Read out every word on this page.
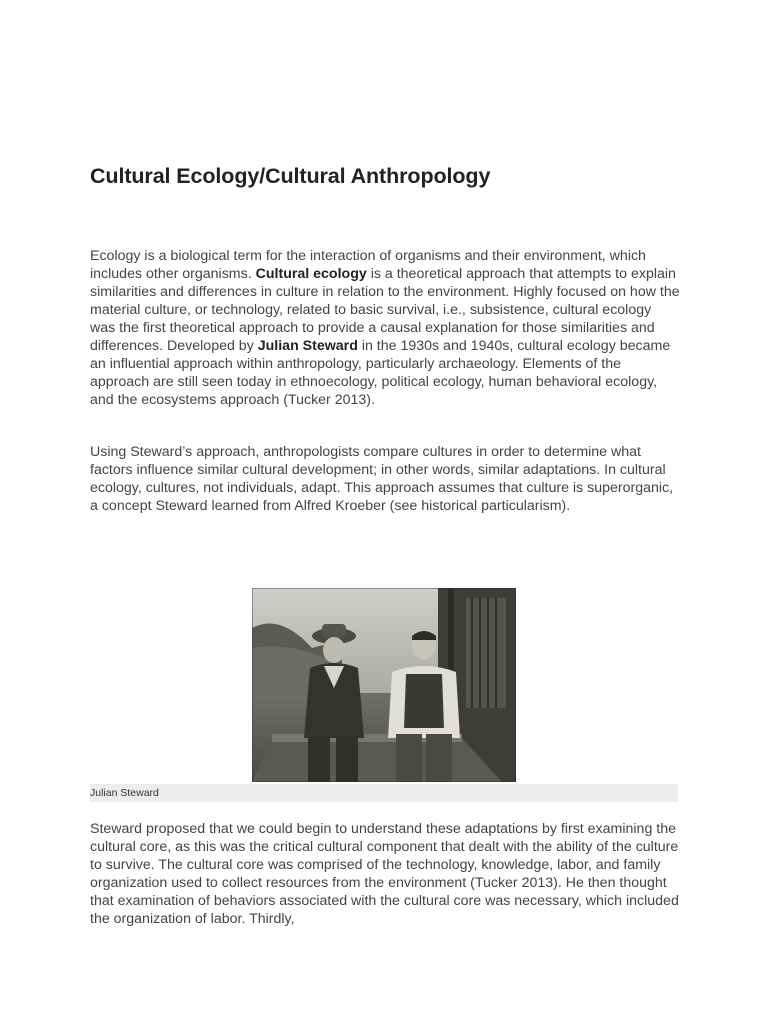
Cultural Ecology/Cultural Anthropology

Ecology is a biological term for the interaction of organisms and their environment, which includes other organisms. Cultural ecology is a theoretical approach that attempts to explain similarities and differences in culture in relation to the environment. Highly focused on how the material culture, or technology, related to basic survival, i.e., subsistence, cultural ecology was the first theoretical approach to provide a causal explanation for those similarities and differences. Developed by Julian Steward in the 1930s and 1940s, cultural ecology became an influential approach within anthropology, particularly archaeology. Elements of the approach are still seen today in ethnoecology, political ecology, human behavioral ecology, and the ecosystems approach (Tucker 2013).

Using Steward’s approach, anthropologists compare cultures in order to determine what factors influence similar cultural development; in other words, similar adaptations. In cultural ecology, cultures, not individuals, adapt. This approach assumes that culture is superorganic, a concept Steward learned from Alfred Kroeber (see historical particularism).

Julian Steward

Steward proposed that we could begin to understand these adaptations by first examining the cultural core, as this was the critical cultural component that dealt with the ability of the culture to survive. The cultural core was comprised of the technology, knowledge, labor, and family organization used to collect resources from the environment (Tucker 2013). He then thought that examination of behaviors associated with the cultural core was necessary, which included the organization of labor. Thirdly,
